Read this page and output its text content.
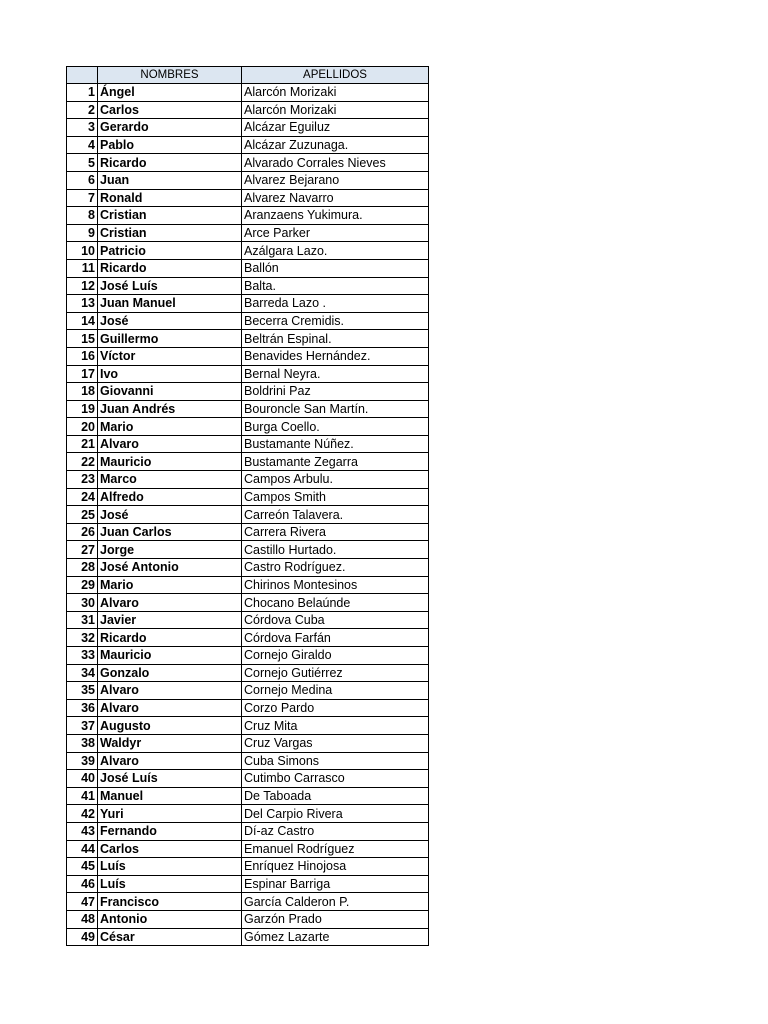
	NOMBRES	APELLIDOS
1	Ángel	Alarcón Morizaki
2	Carlos	Alarcón Morizaki
3	Gerardo	Alcázar Eguiluz
4	Pablo	Alcázar Zuzunaga.
5	Ricardo	Alvarado Corrales Nieves
6	Juan	Alvarez Bejarano
7	Ronald	Alvarez Navarro
8	Cristian	Aranzaens Yukimura.
9	Cristian	Arce Parker
10	Patricio	Azálgara Lazo.
11	Ricardo	Ballón
12	José Luís	Balta.
13	Juan Manuel	Barreda Lazo .
14	José	Becerra Cremidis.
15	Guillermo	Beltrán Espinal.
16	Víctor	Benavides Hernández.
17	Ivo	Bernal Neyra.
18	Giovanni	Boldrini Paz
19	Juan Andrés	Bouroncle San Martín.
20	Mario	Burga Coello.
21	Alvaro	Bustamante Núñez.
22	Mauricio	Bustamante Zegarra
23	Marco	Campos Arbulu.
24	Alfredo	Campos Smith
25	José	Carreón Talavera.
26	Juan Carlos	Carrera Rivera
27	Jorge	Castillo Hurtado.
28	José Antonio	Castro Rodríguez.
29	Mario	Chirinos Montesinos
30	Alvaro	Chocano Belaúnde
31	Javier	Córdova Cuba
32	Ricardo	Córdova Farfán
33	Mauricio	Cornejo Giraldo
34	Gonzalo	Cornejo Gutiérrez
35	Alvaro	Cornejo Medina
36	Alvaro	Corzo Pardo
37	Augusto	Cruz Mita
38	Waldyr	Cruz Vargas
39	Alvaro	Cuba Simons
40	José Luís	Cutimbo Carrasco
41	Manuel	De Taboada
42	Yuri	Del Carpio Rivera
43	Fernando	Dí-az Castro
44	Carlos	Emanuel Rodríguez
45	Luís	Enríquez Hinojosa
46	Luís	Espinar Barriga
47	Francisco	García Calderon P.
48	Antonio	Garzón Prado
49	César	Gómez Lazarte
